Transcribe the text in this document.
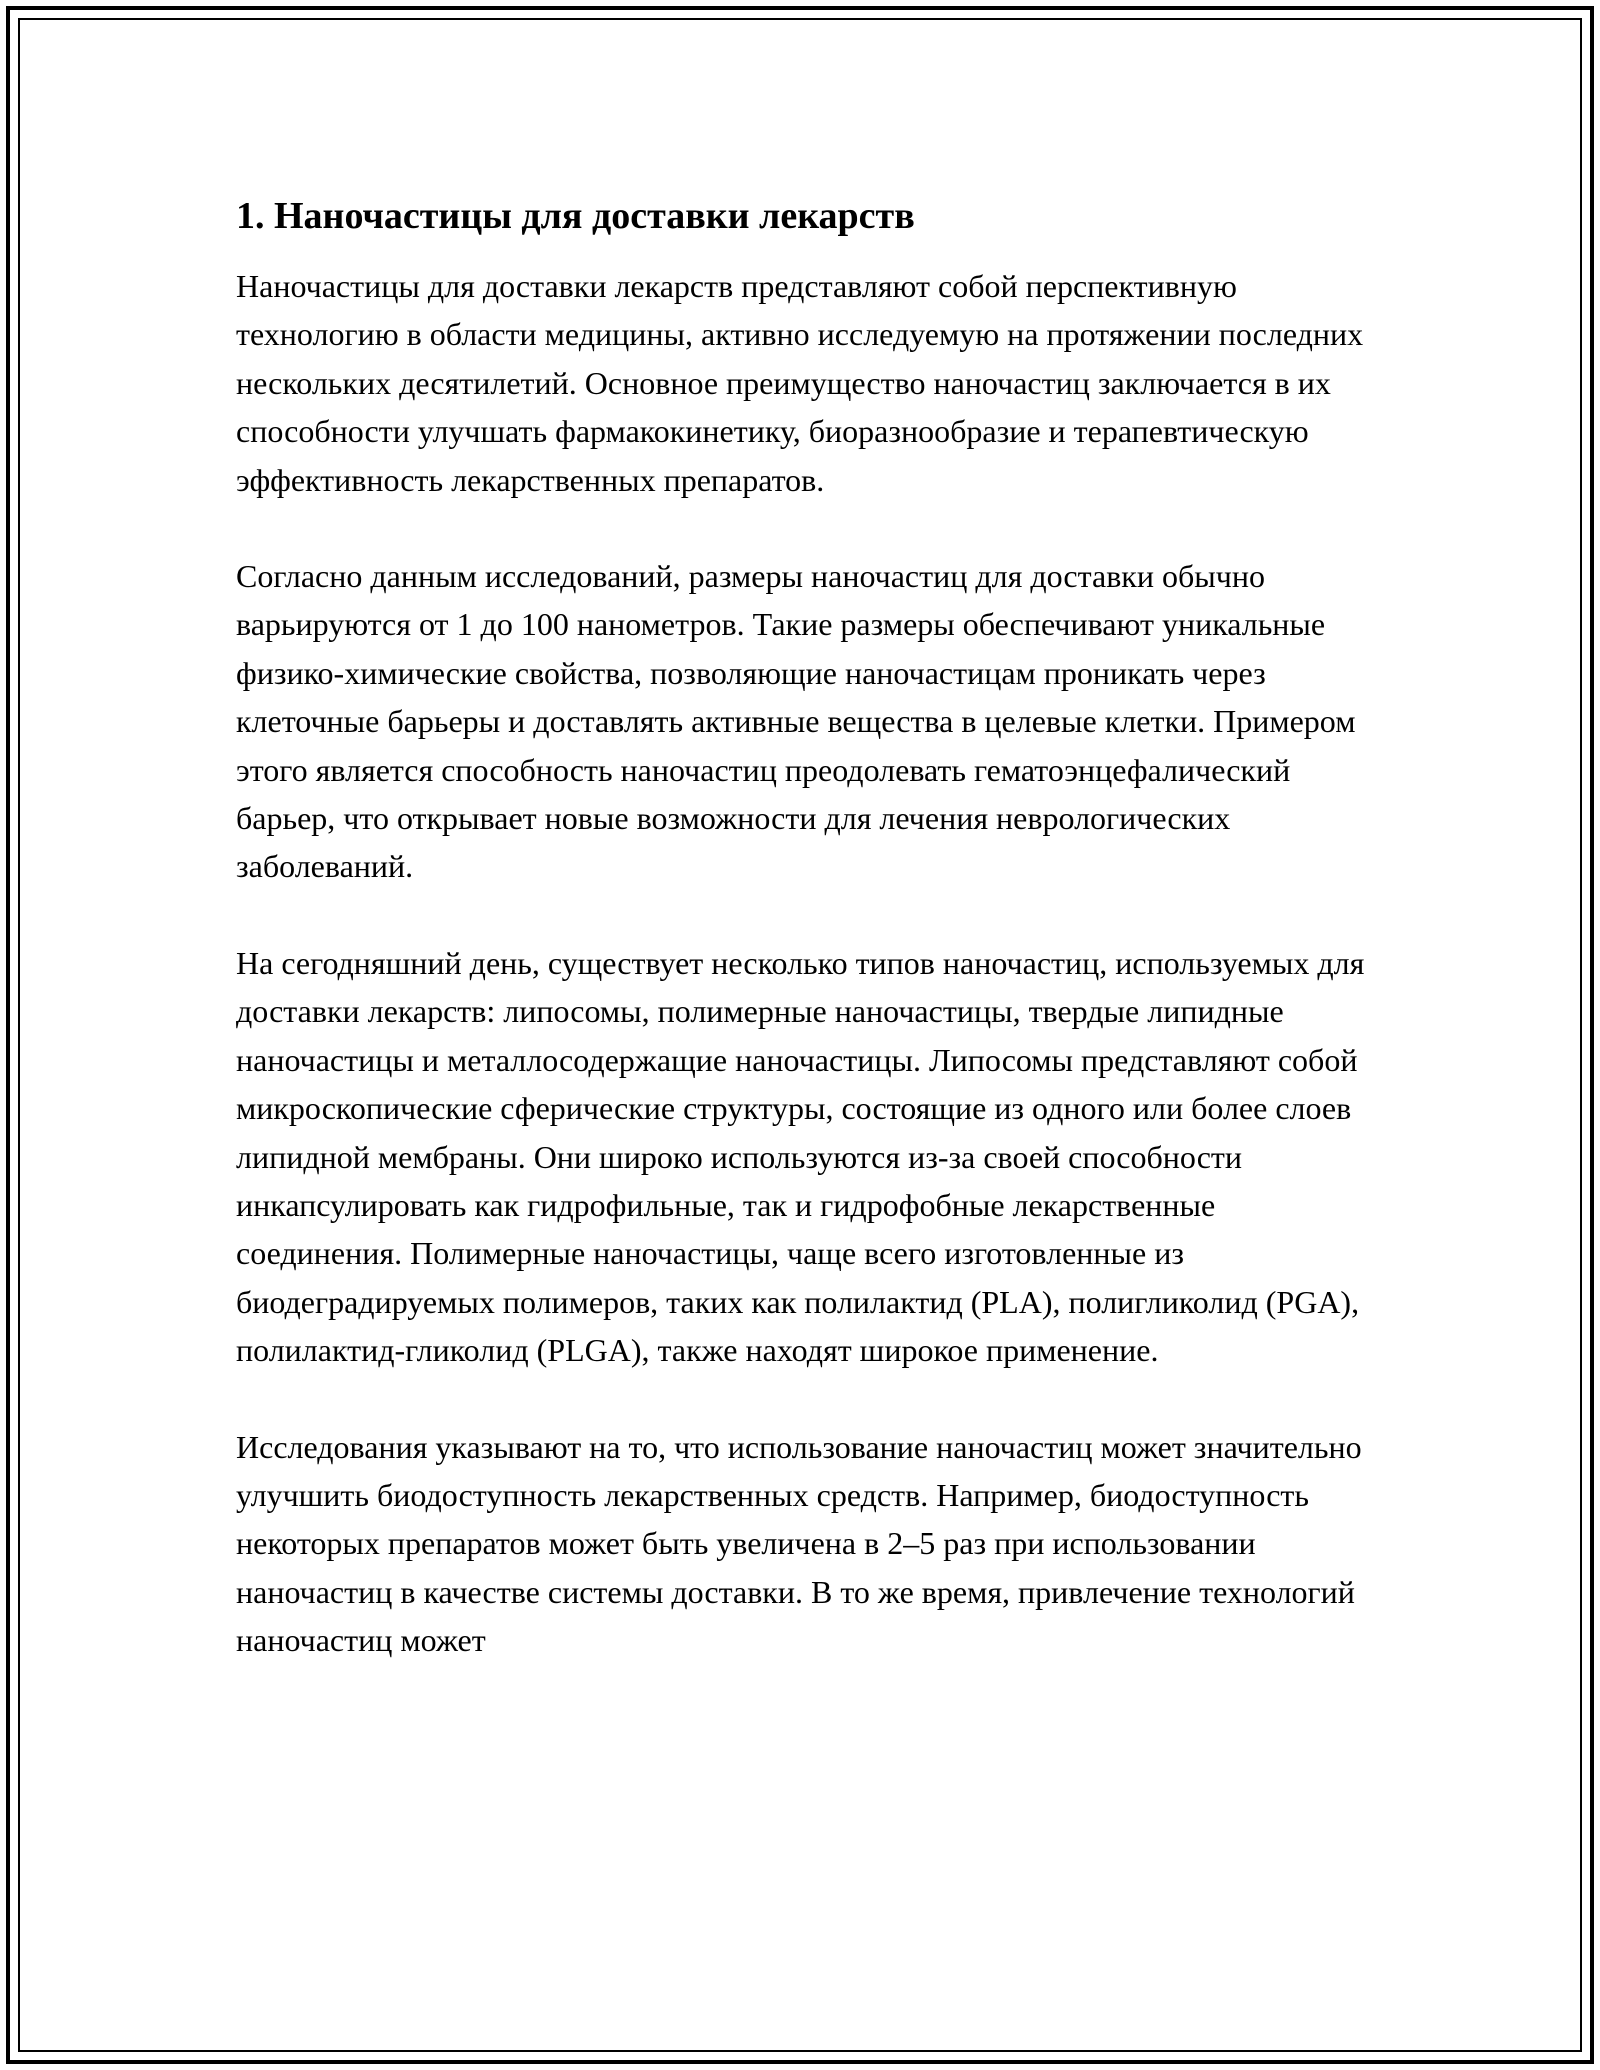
1. Наночастицы для доставки лекарств

Наночастицы для доставки лекарств представляют собой перспективную технологию в области медицины, активно исследуемую на протяжении последних нескольких десятилетий. Основное преимущество наночастиц заключается в их способности улучшать фармакокинетику, биоразнообразие и терапевтическую эффективность лекарственных препаратов.

Согласно данным исследований, размеры наночастиц для доставки обычно варьируются от 1 до 100 нанометров. Такие размеры обеспечивают уникальные физико-химические свойства, позволяющие наночастицам проникать через клеточные барьеры и доставлять активные вещества в целевые клетки. Примером этого является способность наночастиц преодолевать гематоэнцефалический барьер, что открывает новые возможности для лечения неврологических заболеваний.

На сегодняшний день, существует несколько типов наночастиц, используемых для доставки лекарств: липосомы, полимерные наночастицы, твердые липидные наночастицы и металлосодержащие наночастицы. Липосомы представляют собой микроскопические сферические структуры, состоящие из одного или более слоев липидной мембраны. Они широко используются из-за своей способности инкапсулировать как гидрофильные, так и гидрофобные лекарственные соединения. Полимерные наночастицы, чаще всего изготовленные из биодеградируемых полимеров, таких как полилактид (PLA), полигликолид (PGA), полилактид-гликолид (PLGA), также находят широкое применение.

Исследования указывают на то, что использование наночастиц может значительно улучшить биодоступность лекарственных средств. Например, биодоступность некоторых препаратов может быть увеличена в 2–5 раз при использовании наночастиц в качестве системы доставки. В то же время, привлечение технологий наночастиц может
